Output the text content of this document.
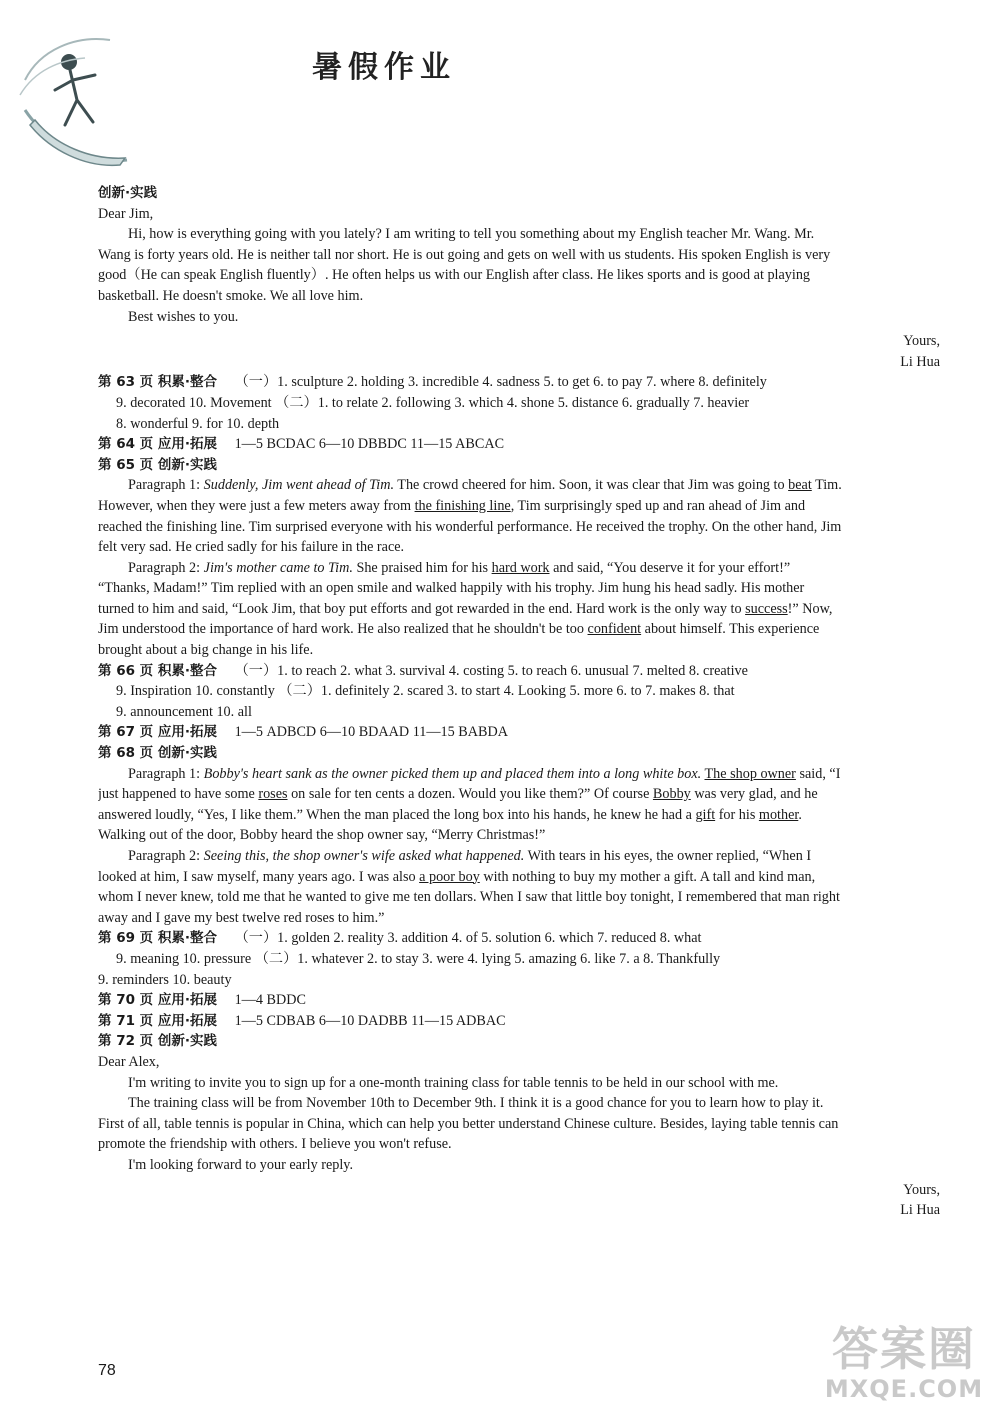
暑假作业
创新·实践
Dear Jim,
Hi, how is everything going with you lately? I am writing to tell you something about my English teacher Mr. Wang. Mr.
Wang is forty years old. He is neither tall nor short. He is out going and gets on well with us students. His spoken English is very
good（He can speak English fluently）. He often helps us with our English after class. He likes sports and is good at playing
basketball. He doesn't smoke. We all love him.
Best wishes to you.
Yours,
Li Hua
第 63 页 积累·整合 （一）1. sculpture 2. holding 3. incredible 4. sadness 5. to get 6. to pay 7. where 8. definitely
9. decorated 10. Movement （二）1. to relate 2. following 3. which 4. shone 5. distance 6. gradually 7. heavier
8. wonderful 9. for 10. depth
第 64 页 应用·拓展 1—5 BCDAC 6—10 DBBDC 11—15 ABCAC
第 65 页 创新·实践
Paragraph 1: Suddenly, Jim went ahead of Tim. The crowd cheered for him. Soon, it was clear that Jim was going to beat Tim.
However, when they were just a few meters away from the finishing line, Tim surprisingly sped up and ran ahead of Jim and
reached the finishing line. Tim surprised everyone with his wonderful performance. He received the trophy. On the other hand, Jim
felt very sad. He cried sadly for his failure in the race.
Paragraph 2: Jim's mother came to Tim. She praised him for his hard work and said, “You deserve it for your effort!”
“Thanks, Madam!” Tim replied with an open smile and walked happily with his trophy. Jim hung his head sadly. His mother
turned to him and said, “Look Jim, that boy put efforts and got rewarded in the end. Hard work is the only way to success!” Now,
Jim understood the importance of hard work. He also realized that he shouldn't be too confident about himself. This experience
brought about a big change in his life.
第 66 页 积累·整合 （一）1. to reach 2. what 3. survival 4. costing 5. to reach 6. unusual 7. melted 8. creative
9. Inspiration 10. constantly （二）1. definitely 2. scared 3. to start 4. Looking 5. more 6. to 7. makes 8. that
9. announcement 10. all
第 67 页 应用·拓展 1—5 ADBCD 6—10 BDAAD 11—15 BABDA
第 68 页 创新·实践
Paragraph 1: Bobby's heart sank as the owner picked them up and placed them into a long white box. The shop owner said, “I
just happened to have some roses on sale for ten cents a dozen. Would you like them?” Of course Bobby was very glad, and he
answered loudly, “Yes, I like them.” When the man placed the long box into his hands, he knew he had a gift for his mother.
Walking out of the door, Bobby heard the shop owner say, “Merry Christmas!”
Paragraph 2: Seeing this, the shop owner's wife asked what happened. With tears in his eyes, the owner replied, “When I
looked at him, I saw myself, many years ago. I was also a poor boy with nothing to buy my mother a gift. A tall and kind man,
whom I never knew, told me that he wanted to give me ten dollars. When I saw that little boy tonight, I remembered that man right
away and I gave my best twelve red roses to him.”
第 69 页 积累·整合 （一）1. golden 2. reality 3. addition 4. of 5. solution 6. which 7. reduced 8. what
9. meaning 10. pressure （二）1. whatever 2. to stay 3. were 4. lying 5. amazing 6. like 7. a 8. Thankfully
9. reminders 10. beauty
第 70 页 应用·拓展 1—4 BDDC
第 71 页 应用·拓展 1—5 CDBAB 6—10 DADBB 11—15 ADBAC
第 72 页 创新·实践
Dear Alex,
I'm writing to invite you to sign up for a one-month training class for table tennis to be held in our school with me.
The training class will be from November 10th to December 9th. I think it is a good chance for you to learn how to play it.
First of all, table tennis is popular in China, which can help you better understand Chinese culture. Besides, laying table tennis can
promote the friendship with others. I believe you won't refuse.
I'm looking forward to your early reply.
Yours,
Li Hua
78	答案圈
MXQE.COM
